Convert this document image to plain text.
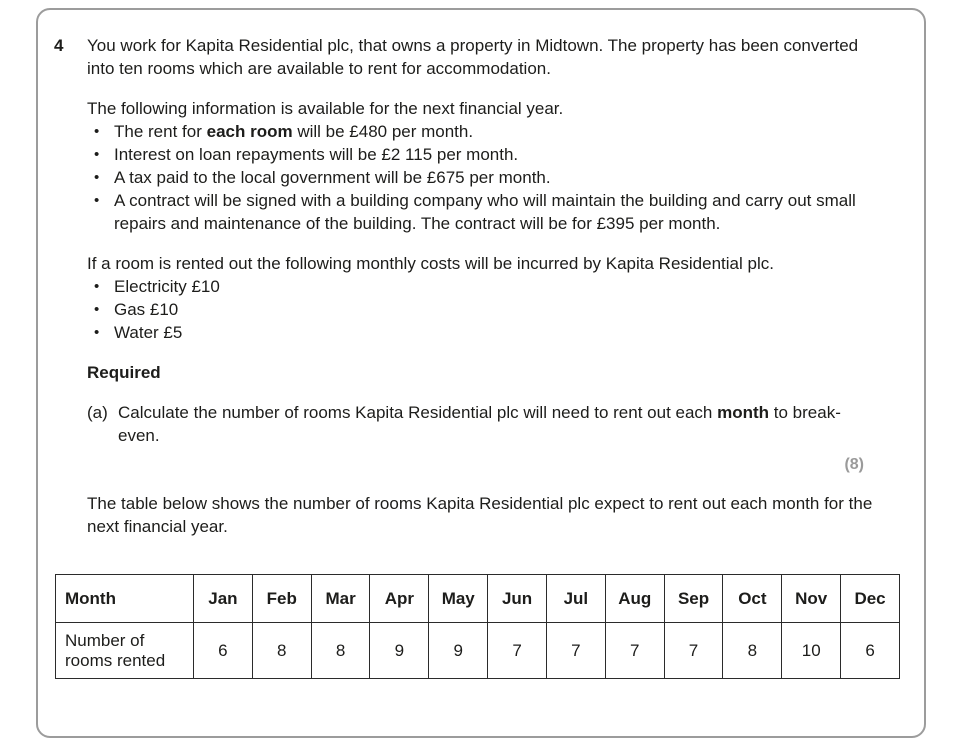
4	You work for Kapita Residential plc, that owns a property in Midtown. The property has been converted into ten rooms which are available to rent for accommodation.

The following information is available for the next financial year.

• The rent for each room will be £480 per month.
• Interest on loan repayments will be £2 115 per month.
• A tax paid to the local government will be £675 per month.
• A contract will be signed with a building company who will maintain the building and carry out small repairs and maintenance of the building. The contract will be for £395 per month.

If a room is rented out the following monthly costs will be incurred by Kapita Residential plc.

• Electricity £10
• Gas £10
• Water £5

Required

(a) Calculate the number of rooms Kapita Residential plc will need to rent out each month to break-even.
(8)

The table below shows the number of rooms Kapita Residential plc expect to rent out each month for the next financial year.

Month	Jan	Feb	Mar	Apr	May	Jun	Jul	Aug	Sep	Oct	Nov	Dec
Number of rooms rented	6	8	8	9	9	7	7	7	7	8	10	6
